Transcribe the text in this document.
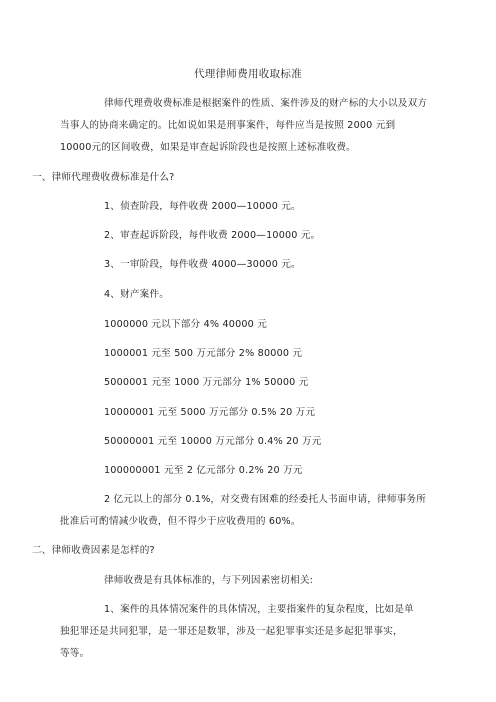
代理律师费用收取标准
律师代理费收费标准是根据案件的性质、案件涉及的财产标的大小以及双方
当事人的协商来确定的。比如说如果是刑事案件，每件应当是按照 2000 元到
10000元的区间收费，如果是审查起诉阶段也是按照上述标准收费。
一、律师代理费收费标准是什么?
1、侦查阶段，每件收费 2000—10000 元。
2、审查起诉阶段，每件收费 2000—10000 元。
3、一审阶段，每件收费 4000—30000 元。
4、财产案件。
1000000 元以下部分 4% 40000 元
1000001 元至 500 万元部分 2% 80000 元
5000001 元至 1000 万元部分 1% 50000 元
10000001 元至 5000 万元部分 0.5% 20 万元
50000001 元至 10000 万元部分 0.4% 20 万元
100000001 元至 2 亿元部分 0.2% 20 万元
2 亿元以上的部分 0.1%，对交费有困难的经委托人书面申请，律师事务所
批准后可酌情减少收费，但不得少于应收费用的 60%。
二、律师收费因素是怎样的?
律师收费是有具体标准的，与下列因素密切相关:
1、案件的具体情况案件的具体情况，主要指案件的复杂程度，比如是单
独犯罪还是共同犯罪，是一罪还是数罪，涉及一起犯罪事实还是多起犯罪事实，
等等。
